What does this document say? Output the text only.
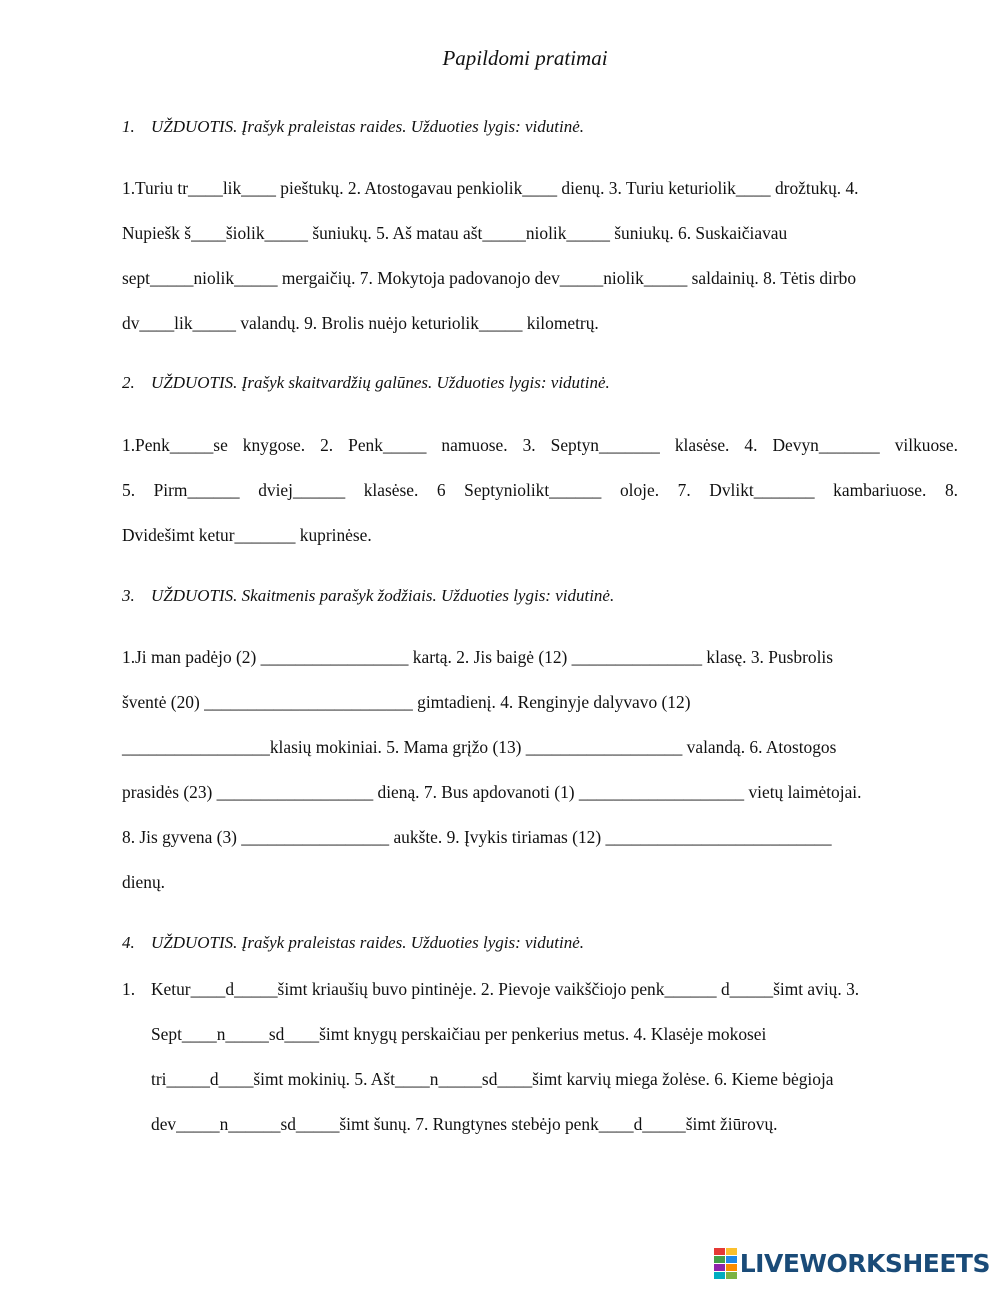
Papildomi pratimai
1. UŽDUOTIS. Įrašyk praleistas raides. Užduoties lygis: vidutinė.
1.Turiu tr____lik____ pieštukų. 2. Atostogavau penkiolik____ dienų. 3. Turiu keturiolik____ drožtukų. 4.
Nupiešk š____šiolik_____ šuniukų. 5. Aš matau ašt_____niolik_____ šuniukų. 6. Suskaičiavau
sept_____niolik_____ mergaičių. 7. Mokytoja padovanojo dev_____niolik_____ saldainių. 8. Tėtis dirbo
dv____lik_____ valandų. 9. Brolis nuėjo keturiolik_____ kilometrų.
2. UŽDUOTIS. Įrašyk skaitvardžių galūnes. Užduoties lygis: vidutinė.
1.Penk_____se knygose. 2. Penk_____ namuose. 3. Septyn_______ klasėse. 4. Devyn_______ vilkuose.
5. Pirm______ dviej______ klasėse. 6 Septyniolikt______ oloje. 7. Dvlikt_______ kambariuose. 8.
Dvidešimt ketur_______ kuprinėse.
3. UŽDUOTIS. Skaitmenis parašyk žodžiais. Užduoties lygis: vidutinė.
1.Ji man padėjo (2) _________________ kartą. 2. Jis baigė (12) _______________ klasę. 3. Pusbrolis
šventė (20) ________________________ gimtadienį. 4. Renginyje dalyvavo (12)
_________________klasių mokiniai. 5. Mama grįžo (13) __________________ valandą. 6. Atostogos
prasidės (23) __________________ dieną. 7. Bus apdovanoti (1) ___________________ vietų laimėtojai.
8. Jis gyvena (3) _________________ aukšte. 9. Įvykis tiriamas (12) __________________________
dienų.
4. UŽDUOTIS. Įrašyk praleistas raides. Užduoties lygis: vidutinė.
1. Ketur____d_____šimt kriaušių buvo pintinėje. 2. Pievoje vaikščiojo penk______ d_____šimt avių. 3.
Sept____n_____sd____šimt knygų perskaičiau per penkerius metus. 4. Klasėje mokosei
tri_____d____šimt mokinių. 5. Ašt____n_____sd____šimt karvių miega žolėse. 6. Kieme bėgioja
dev_____n______sd_____šimt šunų. 7. Rungtynes stebėjo penk____d_____šimt žiūrovų.
LIVEWORKSHEETS
